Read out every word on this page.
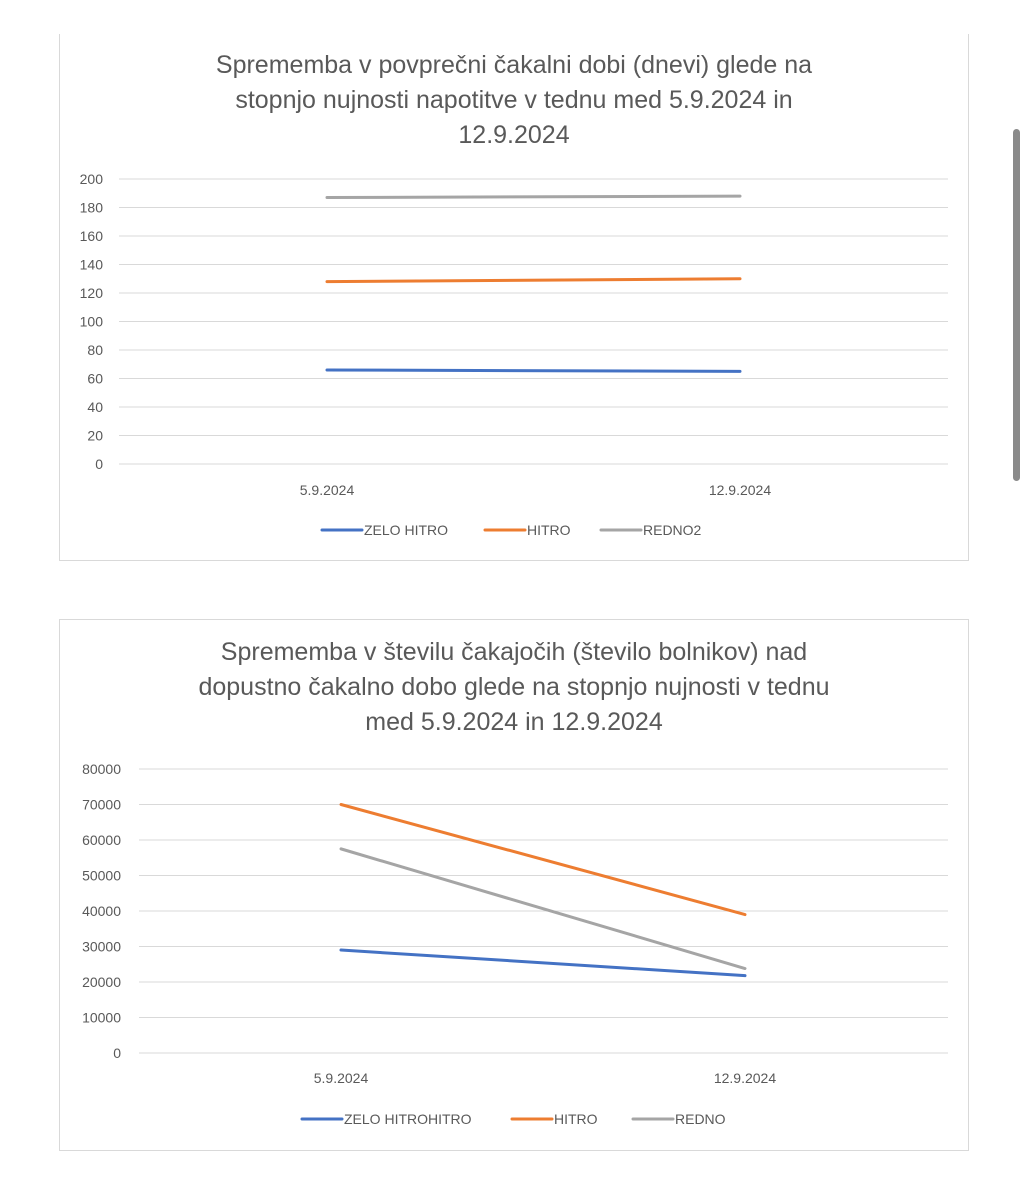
Sprememba v povprečni čakalni dobi (dnevi) glede na
stopnjo nujnosti napotitve v tednu med 5.9.2024 in
12.9.2024
0
20
40
60
80
100
120
140
160
180
200
5.9.2024	12.9.2024
ZELO HITRO	HITRO	REDNO2
Sprememba v številu čakajočih (število bolnikov) nad
dopustno čakalno dobo glede na stopnjo nujnosti v tednu
med 5.9.2024 in 12.9.2024
0
10000
20000
30000
40000
50000
60000
70000
80000
5.9.2024	12.9.2024
ZELO HITROHITRO	HITRO	REDNO
